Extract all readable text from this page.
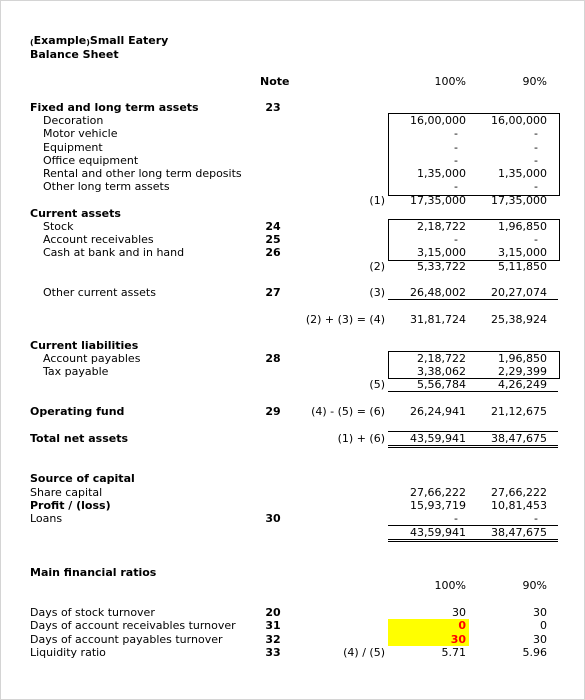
(Example)Small Eatery
Balance Sheet
Note	100%	90%
Fixed and long term assets	23
Decoration	16,00,000	16,00,000
Motor vehicle	-	-
Equipment	-	-
Office equipment	-	-
Rental and other long term deposits	1,35,000	1,35,000
Other long term assets	-	-
(1)	17,35,000	17,35,000
Current assets
Stock	24	2,18,722	1,96,850
Account receivables	25	-	-
Cash at bank and in hand	26	3,15,000	3,15,000
(2)	5,33,722	5,11,850
Other current assets	27	(3)	26,48,002	20,27,074
(2) + (3) = (4)	31,81,724	25,38,924
Current liabilities
Account payables	28	2,18,722	1,96,850
Tax payable	3,38,062	2,29,399
(5)	5,56,784	4,26,249
Operating fund	29	(4) - (5) = (6)	26,24,941	21,12,675
Total net assets	(1) + (6)	43,59,941	38,47,675
Source of capital
Share capital	27,66,222	27,66,222
Profit / (loss)	15,93,719	10,81,453
Loans	30	-	-
43,59,941	38,47,675
Main financial ratios
100%	90%
Days of stock turnover	20	30	30
Days of account receivables turnover	31	0	0
Days of account payables turnover	32	30	30
Liquidity ratio	33	(4) / (5)	5.71	5.96
